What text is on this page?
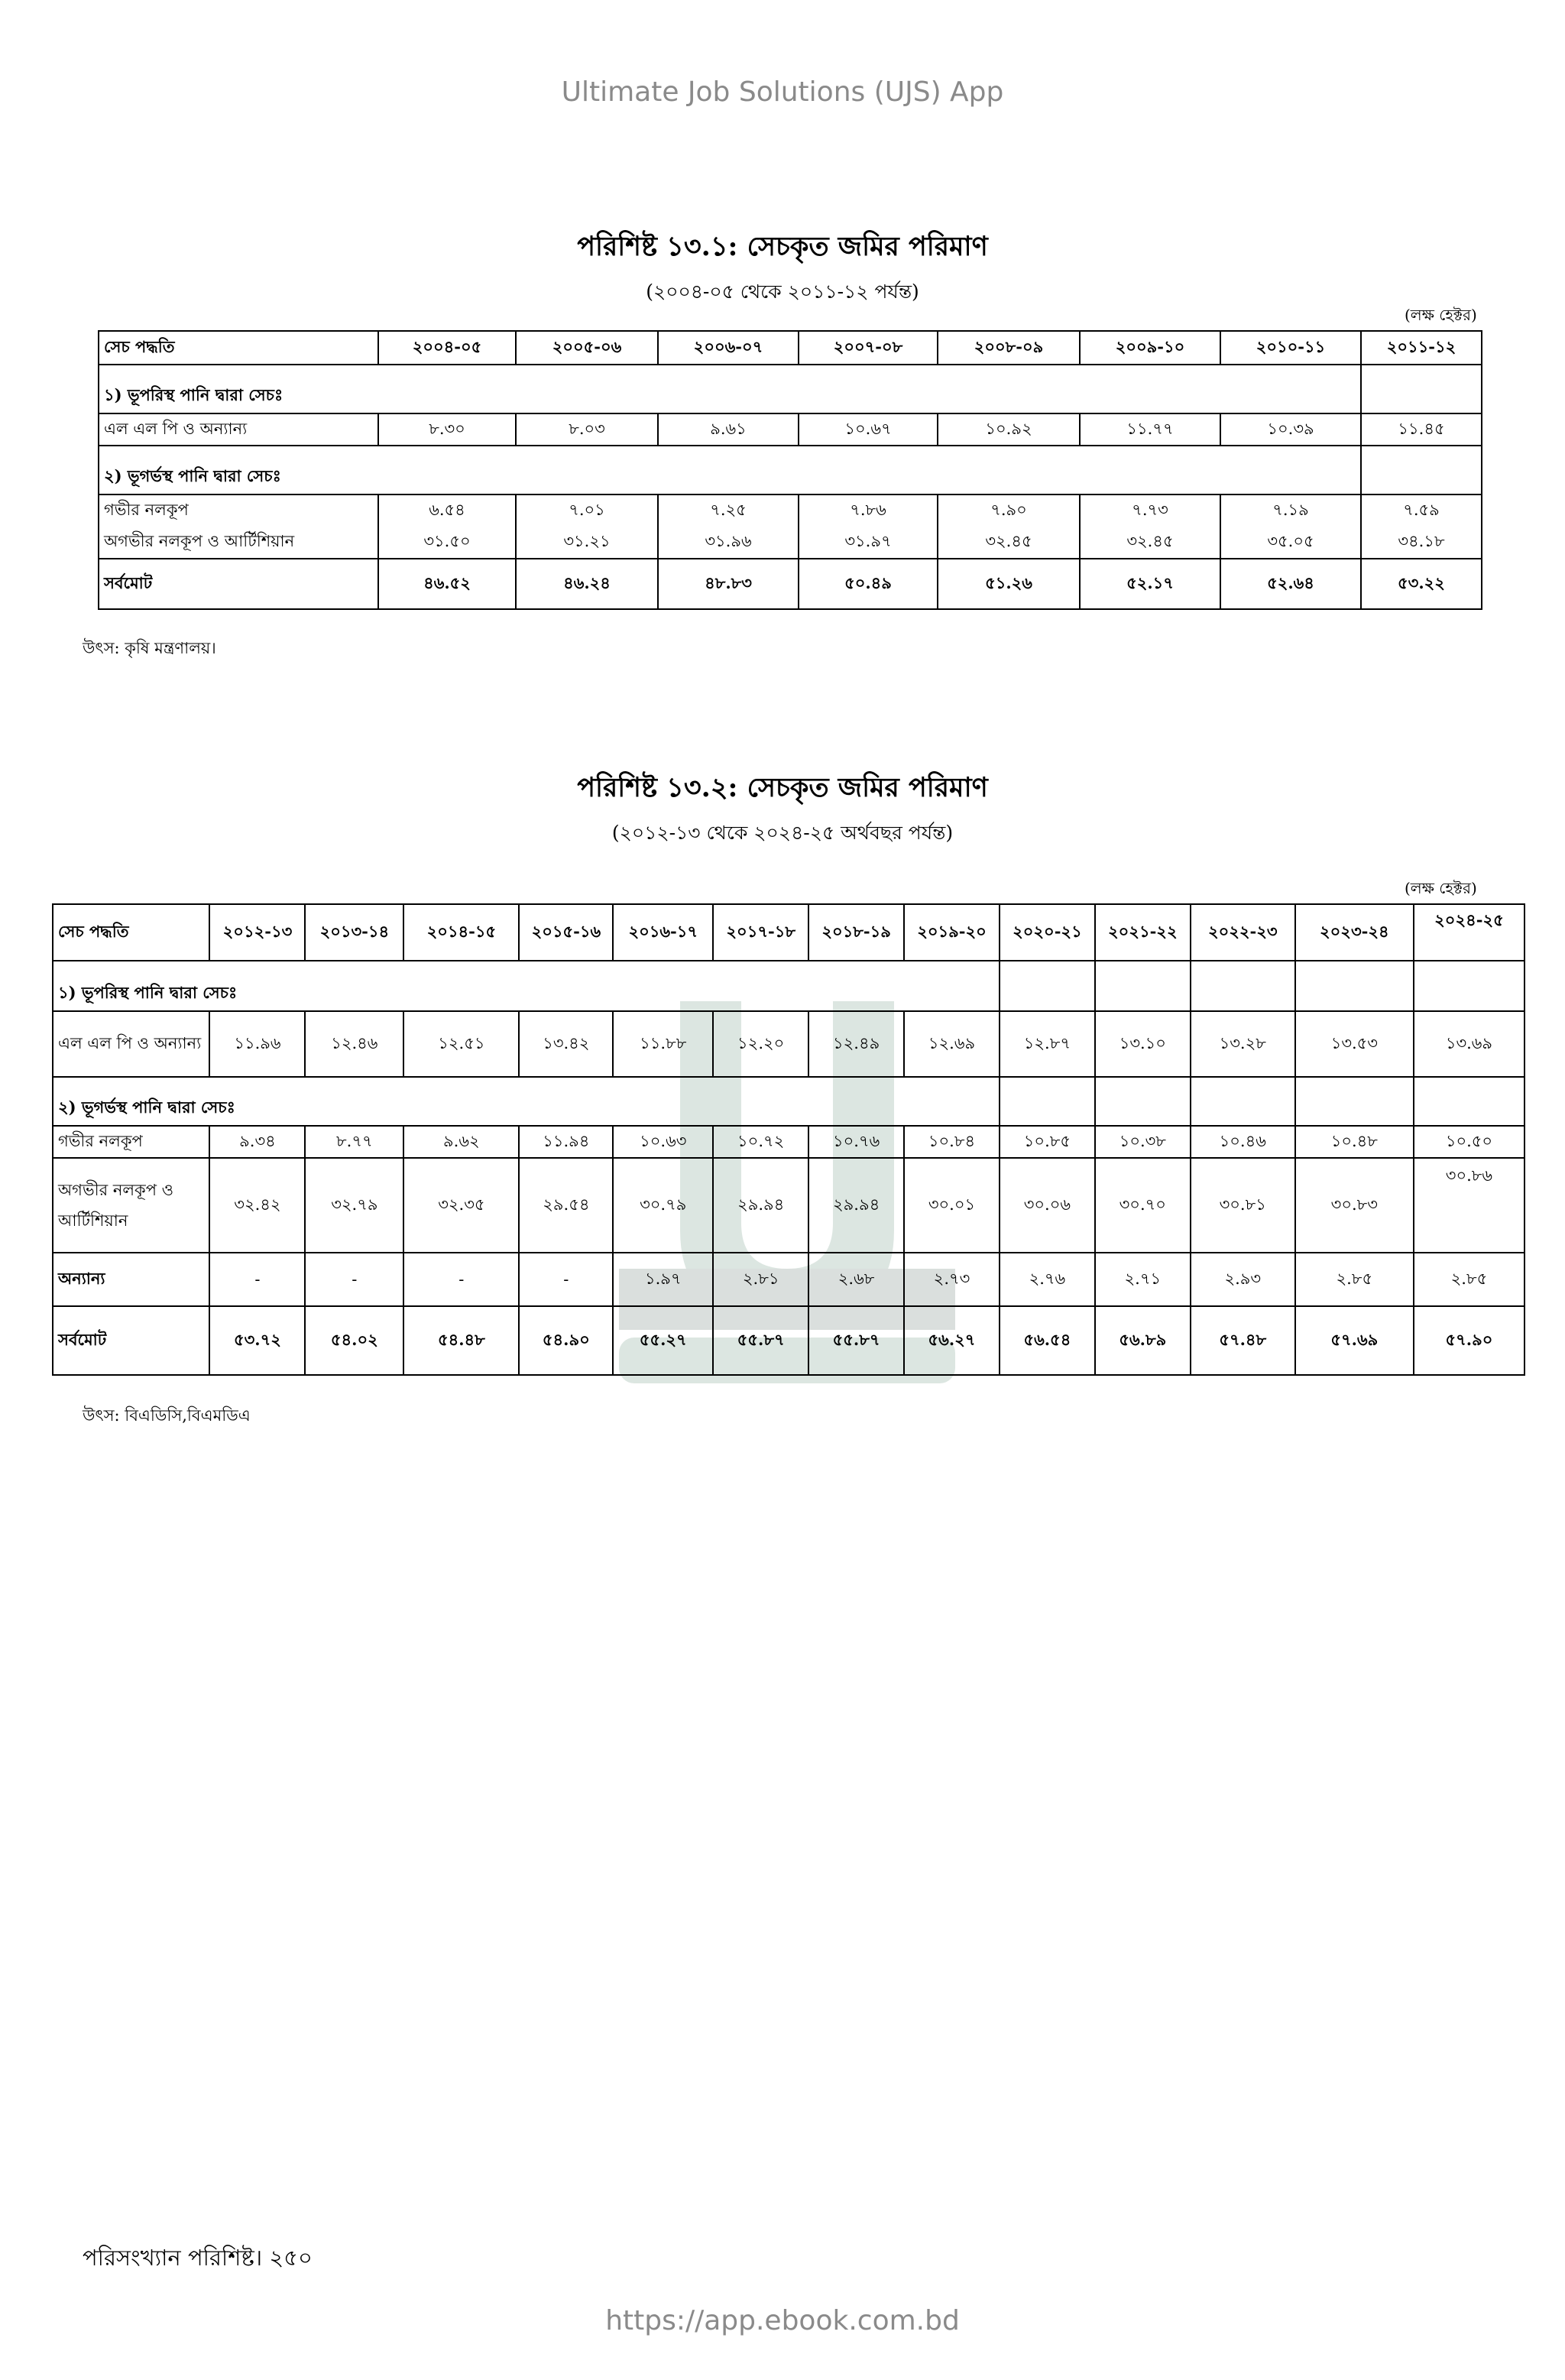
Ultimate Job Solutions (UJS) App
পরিশিষ্ট ১৩.১: সেচকৃত জমির পরিমাণ
(২০০৪-০৫ থেকে ২০১১-১২ পর্যন্ত)
(লক্ষ হেক্টর)
সেচ পদ্ধতি	২০০৪-০৫	২০০৫-০৬	২০০৬-০৭	২০০৭-০৮	২০০৮-০৯	২০০৯-১০	২০১০-১১	২০১১-১২
১) ভূপরিস্থ পানি দ্বারা সেচঃ								
এল এল পি ও অন্যান্য	৮.৩০	৮.০৩	৯.৬১	১০.৬৭	১০.৯২	১১.৭৭	১০.৩৯	১১.৪৫
২) ভূগর্ভস্থ পানি দ্বারা সেচঃ								
গভীর নলকূপ	৬.৫৪	৭.০১	৭.২৫	৭.৮৬	৭.৯০	৭.৭৩	৭.১৯	৭.৫৯
অগভীর নলকূপ ও আর্টিশিয়ান	৩১.৫০	৩১.২১	৩১.৯৬	৩১.৯৭	৩২.৪৫	৩২.৪৫	৩৫.০৫	৩৪.১৮
সর্বমোট	৪৬.৫২	৪৬.২৪	৪৮.৮৩	৫০.৪৯	৫১.২৬	৫২.১৭	৫২.৬৪	৫৩.২২
উৎস: কৃষি মন্ত্রণালয়।
পরিশিষ্ট ১৩.২: সেচকৃত জমির পরিমাণ
(২০১২-১৩ থেকে ২০২৪-২৫ অর্থবছর পর্যন্ত)
(লক্ষ হেক্টর)
সেচ পদ্ধতি	২০১২-১৩	২০১৩-১৪	২০১৪-১৫	২০১৫-১৬	২০১৬-১৭	২০১৭-১৮	২০১৮-১৯	২০১৯-২০	২০২০-২১	২০২১-২২	২০২২-২৩	২০২৩-২৪	২০২৪-২৫
১) ভূপরিস্থ পানি দ্বারা সেচঃ													
এল এল পি ও অন্যান্য	১১.৯৬	১২.৪৬	১২.৫১	১৩.৪২	১১.৮৮	১২.২০	১২.৪৯	১২.৬৯	১২.৮৭	১৩.১০	১৩.২৮	১৩.৫৩	১৩.৬৯
২) ভূগর্ভস্থ পানি দ্বারা সেচঃ													
গভীর নলকূপ	৯.৩৪	৮.৭৭	৯.৬২	১১.৯৪	১০.৬৩	১০.৭২	১০.৭৬	১০.৮৪	১০.৮৫	১০.৩৮	১০.৪৬	১০.৪৮	১০.৫০
অগভীর নলকূপ ও আর্টিশিয়ান	৩২.৪২	৩২.৭৯	৩২.৩৫	২৯.৫৪	৩০.৭৯	২৯.৯৪	২৯.৯৪	৩০.০১	৩০.০৬	৩০.৭০	৩০.৮১	৩০.৮৩	৩০.৮৬
অন্যান্য	-	-	-	-	১.৯৭	২.৮১	২.৬৮	২.৭৩	২.৭৬	২.৭১	২.৯৩	২.৮৫	২.৮৫
সর্বমোট	৫৩.৭২	৫৪.০২	৫৪.৪৮	৫৪.৯০	৫৫.২৭	৫৫.৮৭	৫৫.৮৭	৫৬.২৭	৫৬.৫৪	৫৬.৮৯	৫৭.৪৮	৫৭.৬৯	৫৭.৯০
উৎস: বিএডিসি,বিএমডিএ
পরিসংখ্যান পরিশিষ্ট। ২৫০
https://app.ebook.com.bd
